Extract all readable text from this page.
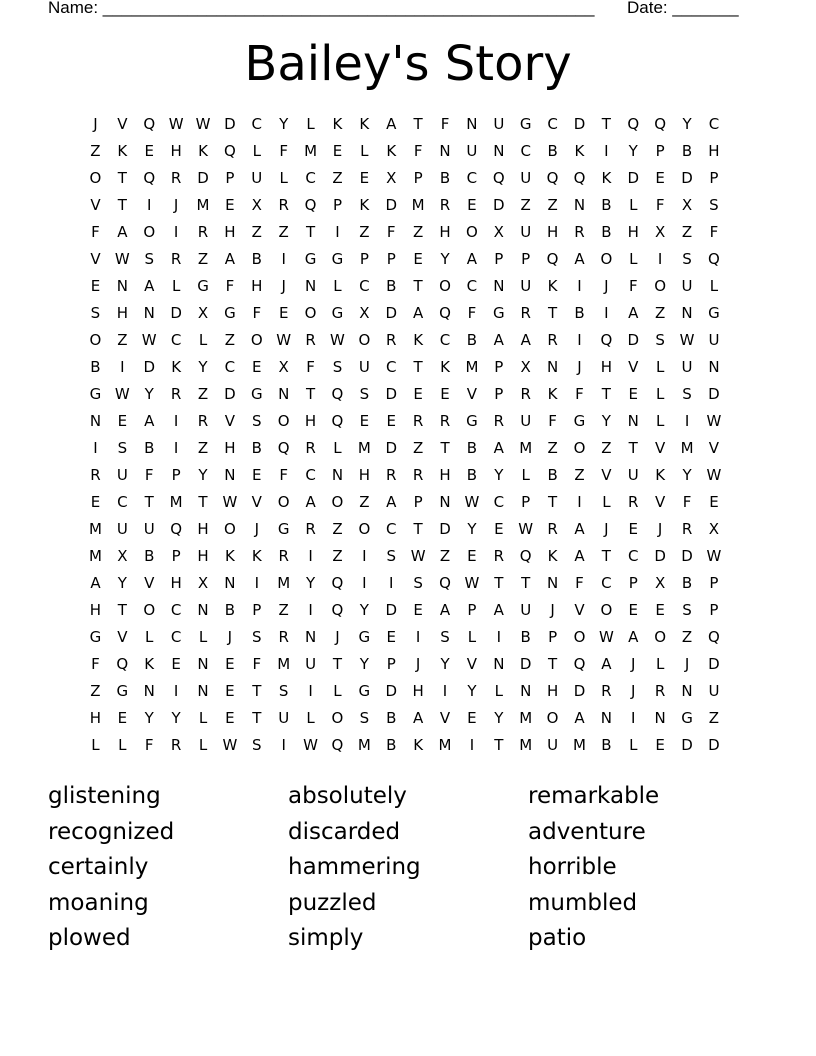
Name: ____________________________________________________ Date: _______
Bailey's Story
J	V	Q W W D	C	Y	L	K	K	A	T	F	N	U	G	C	D	T	Q	Q	Y	C
Z	K	E	H	K	Q	L	F	M	E	L	K	F	N	U	N	C	B	K	I	Y	P	B	H
O	T	Q	R	D	P	U	L	C	Z	E	X	P	B	C	Q	U	Q	Q	K	D	E	D	P
V	T	I	J	M	E	X	R	Q	P	K	D M	R	E	D	Z	Z	N	B	L	F	X	S
F	A	O	I	R	H	Z	Z	T	I	Z	F	Z	H	O	X	U	H	R	B	H	X	Z	F
V W S	R	Z	A	B	I	G	G	P	P	E	Y	A	P	P	Q	A	O	L	I	S	Q
E	N	A	L	G	F	H	J	N	L	C	B	T	O	C	N	U	K	I	J	F	O	U	L
S	H	N	D	X	G	F	E	O	G	X	D	A	Q	F	G	R	T	B	I	A	Z	N	G
O	Z W C	L	Z	O W R W O	R	K	C	B	A	A	R	I	Q	D	S W U
B	I	D	K	Y	C	E	X	F	S	U	C	T	K	M	P	X	N	J	H	V	L	U	N
G W Y	R	Z	D	G	N	T	Q	S	D	E	E	V	P	R	K	F	T	E	L	S	D
N	E	A	I	R	V	S	O	H	Q	E	E	R	R	G	R	U	F	G	Y	N	L	I	W
I	S	B	I	Z	H	B	Q	R	L	M D	Z	T	B	A	M	Z	O	Z	T	V	M	V
R	U	F	P	Y	N	E	F	C	N	H	R	R	H	B	Y	L	B	Z	V	U	K	Y W
E	C	T	M	T W V	O	A	O	Z	A	P	N W C	P	T	I	L	R	V	F	E
M U	U	Q	H	O	J	G	R	Z	O	C	T	D	Y	E W R	A	J	E	J	R	X
M	X	B	P	H	K	K	R	I	Z	I	S W Z	E	R	Q	K	A	T	C	D	D W
A	Y	V	H	X	N	I	M	Y	Q	I	I	S	Q W T	T	N	F	C	P	X	B	P
H	T	O	C	N	B	P	Z	I	Q	Y	D	E	A	P	A	U	J	V	O	E	E	S	P
G	V	L	C	L	J	S	R	N	J	G	E	I	S	L	I	B	P	O W A	O	Z	Q
F	Q	K	E	N	E	F	M U	T	Y	P	J	Y	V	N	D	T	Q	A	J	L	J	D
Z	G	N	I	N	E	T	S	I	L	G	D	H	I	Y	L	N	H	D	R	J	R	N	U
H	E	Y	Y	L	E	T	U	L	O	S	B	A	V	E	Y	M O	A	N	I	N	G	Z
L	L	F	R	L	W S	I	W Q M	B	K	M	I	T	M U M	B	L	E	D	D
glistening	absolutely	remarkable
recognized	discarded	adventure
certainly	hammering	horrible
moaning	puzzled	mumbled
plowed	simply	patio
